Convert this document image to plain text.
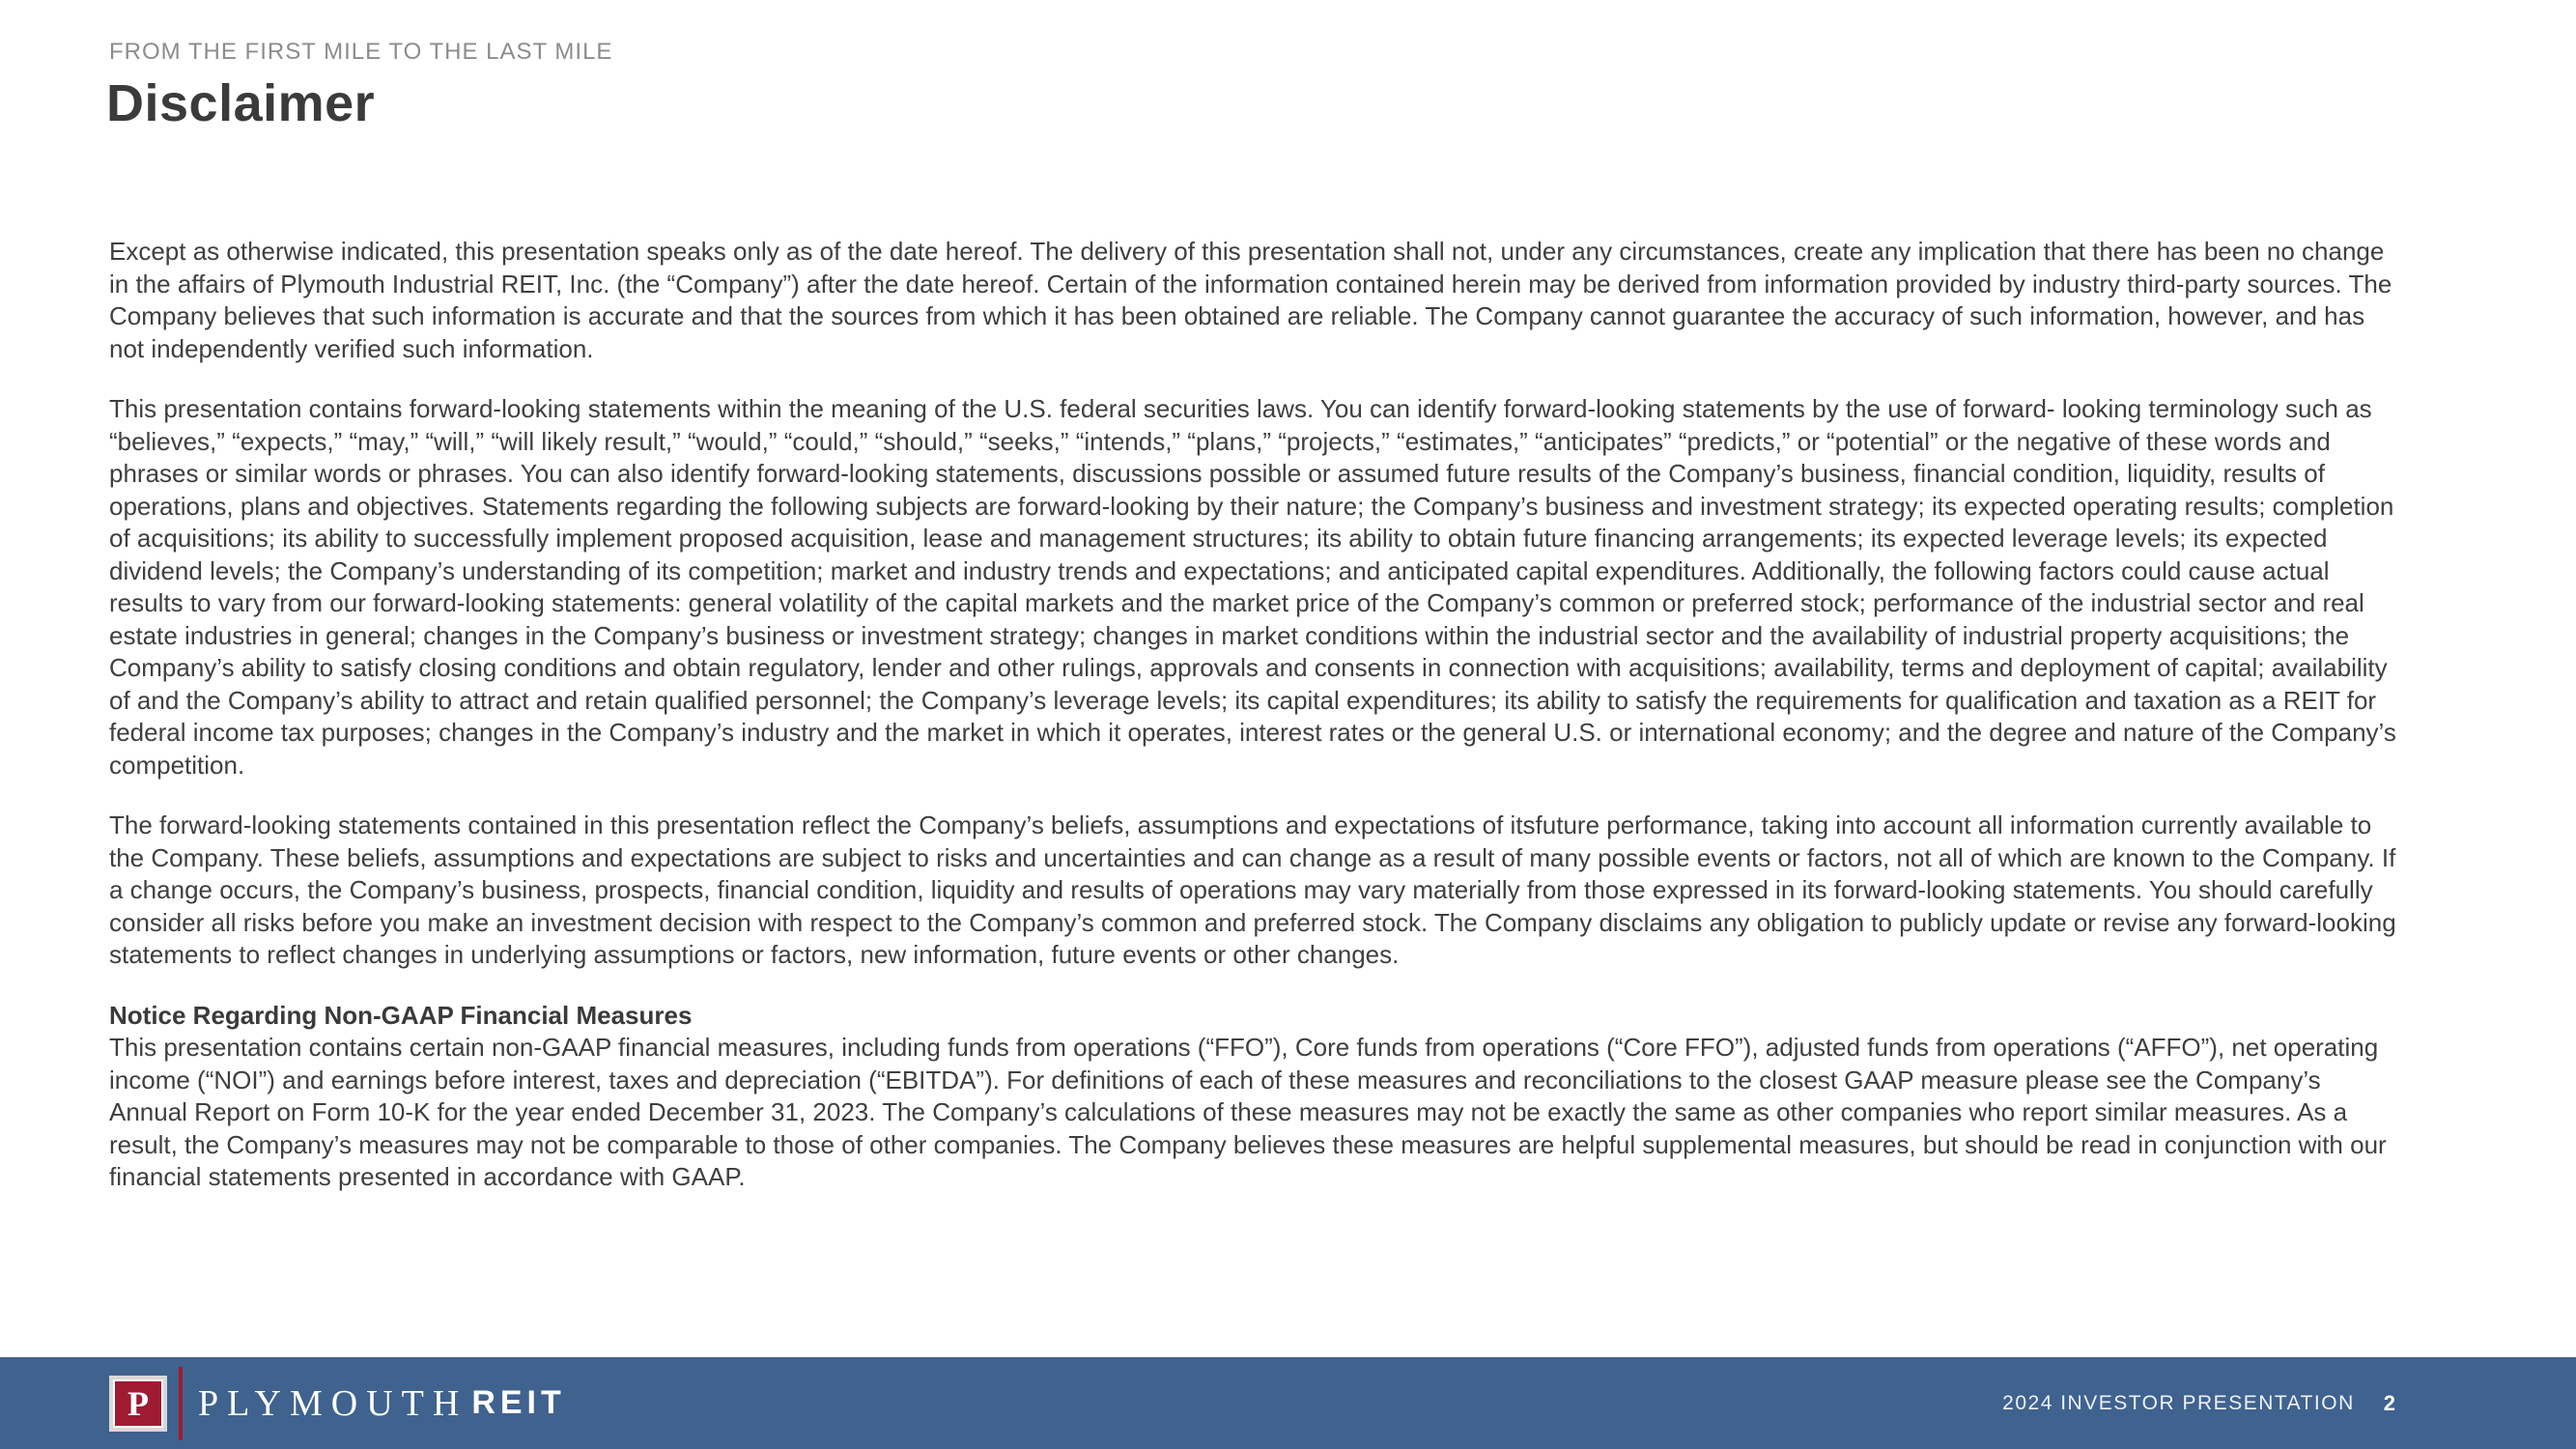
FROM THE FIRST MILE TO THE LAST MILE
Disclaimer

Except as otherwise indicated, this presentation speaks only as of the date hereof. The delivery of this presentation shall not, under any circumstances, create any implication that there has been no change in the affairs of Plymouth Industrial REIT, Inc. (the “Company”) after the date hereof. Certain of the information contained herein may be derived from information provided by industry third-party sources. The Company believes that such information is accurate and that the sources from which it has been obtained are reliable. The Company cannot guarantee the accuracy of such information, however, and has not independently verified such information.

This presentation contains forward-looking statements within the meaning of the U.S. federal securities laws. You can identify forward-looking statements by the use of forward- looking terminology such as “believes,” “expects,” “may,” “will,” “will likely result,” “would,” “could,” “should,” “seeks,” “intends,” “plans,” “projects,” “estimates,” “anticipates” “predicts,” or “potential” or the negative of these words and phrases or similar words or phrases. You can also identify forward-looking statements, discussions possible or assumed future results of the Company’s business, financial condition, liquidity, results of operations, plans and objectives. Statements regarding the following subjects are forward-looking by their nature; the Company’s business and investment strategy; its expected operating results; completion of acquisitions; its ability to successfully implement proposed acquisition, lease and management structures; its ability to obtain future financing arrangements; its expected leverage levels; its expected dividend levels; the Company’s understanding of its competition; market and industry trends and expectations; and anticipated capital expenditures. Additionally, the following factors could cause actual results to vary from our forward-looking statements: general volatility of the capital markets and the market price of the Company’s common or preferred stock; performance of the industrial sector and real estate industries in general; changes in the Company’s business or investment strategy; changes in market conditions within the industrial sector and the availability of industrial property acquisitions; the Company’s ability to satisfy closing conditions and obtain regulatory, lender and other rulings, approvals and consents in connection with acquisitions; availability, terms and deployment of capital; availability of and the Company’s ability to attract and retain qualified personnel; the Company’s leverage levels; its capital expenditures; its ability to satisfy the requirements for qualification and taxation as a REIT for federal income tax purposes; changes in the Company’s industry and the market in which it operates, interest rates or the general U.S. or international economy; and the degree and nature of the Company’s competition.

The forward-looking statements contained in this presentation reflect the Company’s beliefs, assumptions and expectations of itsfuture performance, taking into account all information currently available to the Company. These beliefs, assumptions and expectations are subject to risks and uncertainties and can change as a result of many possible events or factors, not all of which are known to the Company. If a change occurs, the Company’s business, prospects, financial condition, liquidity and results of operations may vary materially from those expressed in its forward-looking statements. You should carefully consider all risks before you make an investment decision with respect to the Company’s common and preferred stock. The Company disclaims any obligation to publicly update or revise any forward-looking statements to reflect changes in underlying assumptions or factors, new information, future events or other changes.

Notice Regarding Non-GAAP Financial Measures
This presentation contains certain non-GAAP financial measures, including funds from operations (“FFO”), Core funds from operations (“Core FFO”), adjusted funds from operations (“AFFO”), net operating income (“NOI”) and earnings before interest, taxes and depreciation (“EBITDA”). For definitions of each of these measures and reconciliations to the closest GAAP measure please see the Company’s Annual Report on Form 10-K for the year ended December 31, 2023. The Company’s calculations of these measures may not be exactly the same as other companies who report similar measures. As a result, the Company’s measures may not be comparable to those of other companies. The Company believes these measures are helpful supplemental measures, but should be read in conjunction with our financial statements presented in accordance with GAAP.

P	PLYMOUTH REIT	2024 INVESTOR PRESENTATION 2
